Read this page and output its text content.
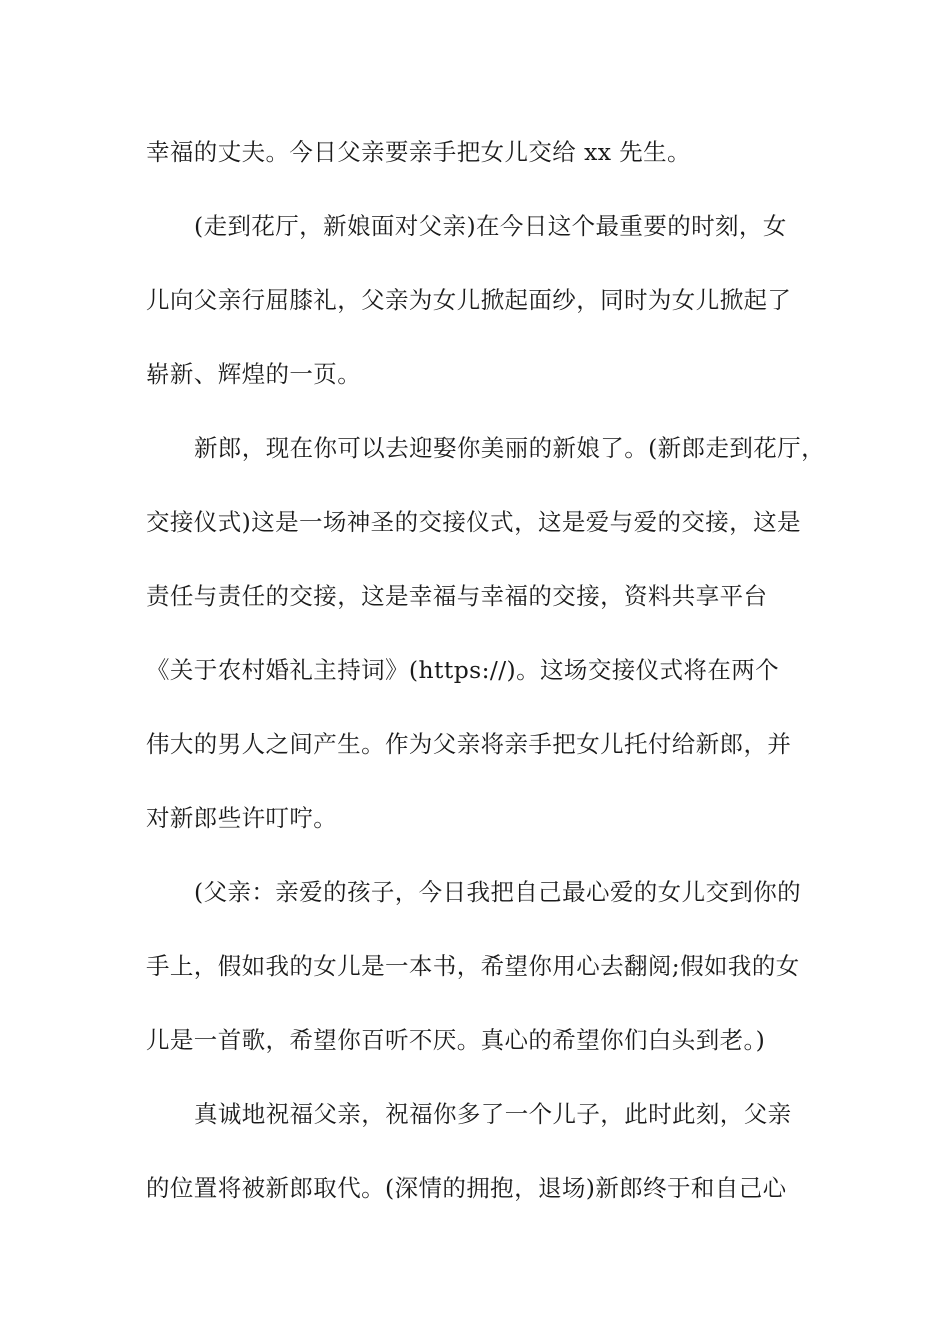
幸福的丈夫。今日父亲要亲手把女儿交给 xx 先生。
(走到花厅，新娘面对父亲)在今日这个最重要的时刻，女
儿向父亲行屈膝礼，父亲为女儿掀起面纱，同时为女儿掀起了
崭新、辉煌的一页。
新郎，现在你可以去迎娶你美丽的新娘了。(新郎走到花厅，
交接仪式)这是一场神圣的交接仪式，这是爱与爱的交接，这是
责任与责任的交接，这是幸福与幸福的交接，资料共享平台
《关于农村婚礼主持词》(https://)。这场交接仪式将在两个
伟大的男人之间产生。作为父亲将亲手把女儿托付给新郎，并
对新郎些许叮咛。
(父亲：亲爱的孩子，今日我把自己最心爱的女儿交到你的
手上，假如我的女儿是一本书，希望你用心去翻阅;假如我的女
儿是一首歌，希望你百听不厌。真心的希望你们白头到老。)
真诚地祝福父亲，祝福你多了一个儿子，此时此刻，父亲
的位置将被新郎取代。(深情的拥抱，退场)新郎终于和自己心
